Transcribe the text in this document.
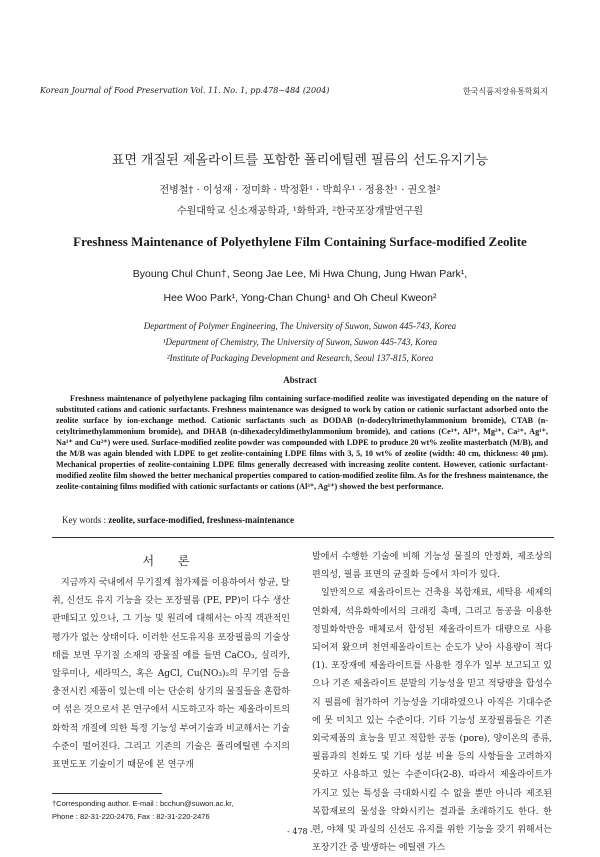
Korean Journal of Food Preservation Vol. 11. No. 1, pp.478∼484 (2004)	한국식품저장유통학회지
표면 개질된 제올라이트를 포함한 폴리에틸렌 필름의 선도유지기능
전병철† · 이성재 · 정미화 · 박정환¹ · 박희우¹ · 정용찬¹ · 권오철²
수원대학교 신소재공학과, ¹화학과, ²한국포장개발연구원
Freshness Maintenance of Polyethylene Film Containing Surface-modified Zeolite
Byoung Chul Chun†, Seong Jae Lee, Mi Hwa Chung, Jung Hwan Park¹,
Hee Woo Park¹, Yong-Chan Chung¹ and Oh Cheul Kweon²
Department of Polymer Engineering, The University of Suwon, Suwon 445-743, Korea
¹Department of Chemistry, The University of Suwon, Suwon 445-743, Korea
²Institute of Packaging Development and Research, Seoul 137-815, Korea
Abstract
Freshness maintenance of polyethylene packaging film containing surface-modified zeolite was investigated depending on the nature of substituted cations and cationic surfactants. Freshness maintenance was designed to work by cation or cationic surfactant adsorbed onto the zeolite surface by ion-exchange method. Cationic surfactants such as DODAB (n-dodecyltrimethylammonium bromide), CTAB (n-cetyltrimethylammonium bromide), and DHAB (n-dihexadecyldimethylammonium bromide), and cations (Ce³⁺, Al³⁺, Mg²⁺, Ca²⁺, Ag¹⁺, Na¹⁺ and Cu²⁺) were used. Surface-modified zeolite powder was compounded with LDPE to produce 20 wt% zeolite masterbatch (M/B), and the M/B was again blended with LDPE to get zeolite-containing LDPE films with 3, 5, 10 wt% of zeolite (width: 40 cm, thickness: 40 μm). Mechanical properties of zeolite-containing LDPE films generally decreased with increasing zeolite content. However, cationic surfactant-modified zeolite film showed the better mechanical properties compared to cation-modified zeolite film. As for the freshness maintenance, the zeolite-containing films modified with cationic surfactants or cations (Al³⁺, Ag¹⁺) showed the best performance.
Key words : zeolite, surface-modified, freshness-maintenance
서 론

지금까지 국내에서 무기질계 첨가제를 이용하여서 항균, 탈취, 신선도 유지 기능을 갖는 포장필름 (PE, PP)이 다수 생산 판매되고 있으나, 그 기능 및 원리에 대해서는 아직 객관적인 평가가 없는 상태이다. 이러한 선도유지용 포장필름의 기술상태를 보면 무기질 소재의 광물질 예를 들면 CaCO₃, 실리카, 알루미나, 세라믹스, 혹은 AgCl, Cu(NO₃)₂의 무기염 등을 충전시킨 제품이 있는데 이는 단순히 상기의 물질들을 혼합하여 섞은 것으로서 본 연구에서 시도하고자 하는 제올라이트의 화학적 개질에 의한 특정 기능성 부여기술과 비교해서는 기술수준이 떨어진다. 그리고 기존의 기술은 폴리에틸렌 수지의 표면도포 기술이기 때문에 본 연구개

발에서 수행한 기술에 비해 기능성 물질의 안정화, 제조상의 편의성, 필름 표면의 균질화 등에서 차이가 있다.

일반적으로 제올라이트는 건축용 복합재료, 세탁용 세제의 연화제, 석유화학에서의 크래킹 촉매, 그리고 동공을 이용한 정밀화학반응 매체로서 합성된 제올라이트가 대량으로 사용되어져 왔으며 천연제올라이트는 순도가 낮아 사용량이 적다(1). 포장재에 제올라이트를 사용한 경우가 일부 보고되고 있으나 기존 제올라이트 분말의 기능성을 믿고 적당량을 합성수지 필름에 첨가하여 기능성을 기대하였으나 아직은 기대수준에 못 미치고 있는 수준이다. 기타 기능성 포장필름들은 기존 외국제품의 효능을 믿고 적합한 공동 (pore), 양이온의 종류, 필름과의 친화도 및 기타 성분 비율 등의 사항들을 고려하지 못하고 사용하고 있는 수준이다(2-8). 따라서 제올라이트가 가지고 있는 특성을 극대화시킬 수 없을 뿐만 아니라 제조된 복합재료의 물성을 약화시키는 결과를 초래하기도 한다. 한편, 야채 및 과실의 신선도 유지를 위한 기능을 갖기 위해서는 포장기간 중 발생하는 에틸렌 가스

†Corresponding author. E-mail : bcchun@suwon.ac.kr,
Phone : 82-31-220-2476, Fax : 82-31-220-2476
- 478 -
